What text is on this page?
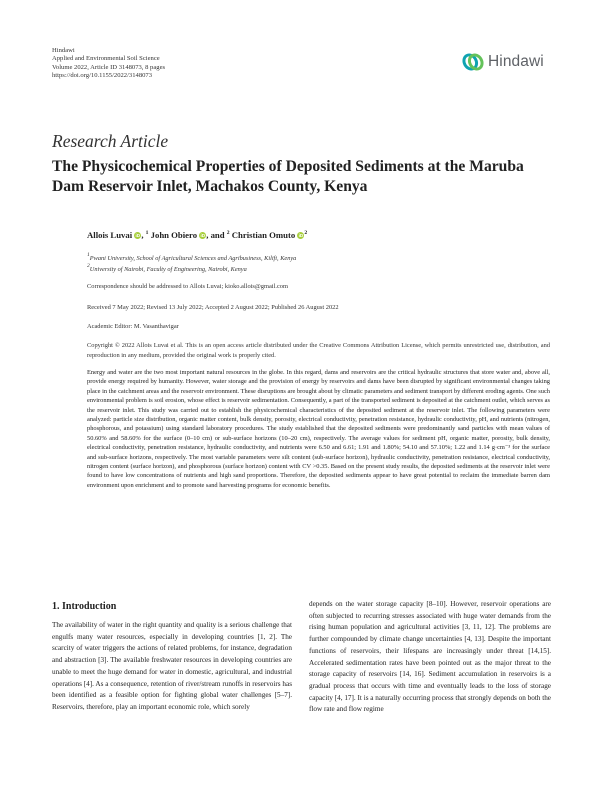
Hindawi
Applied and Environmental Soil Science
Volume 2022, Article ID 3148073, 8 pages
https://doi.org/10.1155/2022/3148073
Hindawi
Research Article
The Physicochemical Properties of Deposited Sediments at the Maruba Dam Reservoir Inlet, Machakos County, Kenya
Allois Luvai iD, $^1$ John Obiero iD, and $^2$ Christian Omuto $iD^2$
1Pwani University, School of Agricultural Sciences and Agribusiness, Kilifi, Kenya
2University of Nairobi, Faculty of Engineering, Nairobi, Kenya
Correspondence should be addressed to Allois Luvai; kioko.allois@gmail.com
Received 7 May 2022; Revised 13 July 2022; Accepted 2 August 2022; Published 26 August 2022
Academic Editor: M. Vasanthavigar
Copyright © 2022 Allois Luvai et al. This is an open access article distributed under the Creative Commons Attribution License, which permits unrestricted use, distribution, and reproduction in any medium, provided the original work is properly cited.
Energy and water are the two most important natural resources in the globe. In this regard, dams and reservoirs are the critical hydraulic structures that store water and, above all, provide energy required by humanity. However, water storage and the provision of energy by reservoirs and dams have been disrupted by significant environmental changes taking place in the catchment areas and the reservoir environment. These disruptions are brought about by climatic parameters and sediment transport by different eroding agents. One such environmental problem is soil erosion, whose effect is reservoir sedimentation. Consequently, a part of the transported sediment is deposited at the catchment outlet, which serves as the reservoir inlet. This study was carried out to establish the physicochemical characteristics of the deposited sediment at the reservoir inlet. The following parameters were analyzed: particle size distribution, organic matter content, bulk density, porosity, electrical conductivity, penetration resistance, hydraulic conductivity, pH, and nutrients (nitrogen, phosphorous, and potassium) using standard laboratory procedures. The study established that the deposited sediments were predominantly sand particles with mean values of 50.60% and 58.60% for the surface (0–10 cm) or sub-surface horizons (10–20 cm), respectively. The average values for sediment pH, organic matter, porosity, bulk density, electrical conductivity, penetration resistance, hydraulic conductivity, and nutrients were 6.50 and 6.61; 1.91 and 1.80%; 54.10 and 57.10%; 1.22 and 1.14 g·cm⁻³ for the surface and sub-surface horizons, respectively. The most variable parameters were silt content (sub-surface horizon), hydraulic conductivity, penetration resistance, electrical conductivity, nitrogen content (surface horizon), and phosphorous (surface horizon) content with CV >0.35. Based on the present study results, the deposited sediments at the reservoir inlet were found to have low concentrations of nutrients and high sand proportions. Therefore, the deposited sediments appear to have great potential to reclaim the immediate barren dam environment upon enrichment and to promote sand harvesting programs for economic benefits.
1. Introduction

The availability of water in the right quantity and quality is a serious challenge that engulfs many water resources, especially in developing countries [1, 2]. The scarcity of water triggers the actions of related problems, for instance, degradation and abstraction [3]. The available freshwater resources in developing countries are unable to meet the huge demand for water in domestic, agricultural, and industrial operations [4]. As a consequence, retention of river/stream runoffs in reservoirs has been identified as a feasible option for fighting global water challenges [5–7]. Reservoirs, therefore, play an important economic role, which sorely

depends on the water storage capacity [8–10]. However, reservoir operations are often subjected to recurring stresses associated with huge water demands from the rising human population and agricultural activities [3, 11, 12]. The problems are further compounded by climate change uncertainties [4, 13]. Despite the important functions of reservoirs, their lifespans are increasingly under threat [14,15]. Accelerated sedimentation rates have been pointed out as the major threat to the storage capacity of reservoirs [14, 16]. Sediment accumulation in reservoirs is a gradual process that occurs with time and eventually leads to the loss of storage capacity [4, 17]. It is a naturally occurring process that strongly depends on both the flow rate and flow regime
